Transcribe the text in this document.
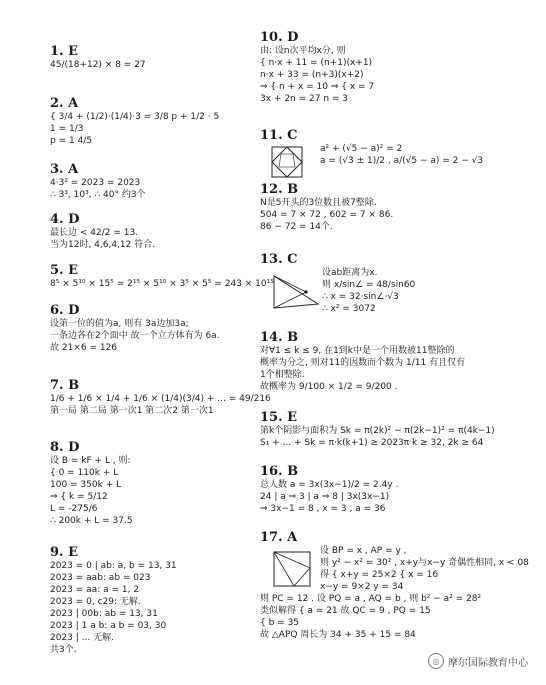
1. E
45/(18+12) × 8 = 27
2. A
{ 3/4 + (1/2)·(1/4)·3 = 3/8 p + 1/2 · 5
1 = 1/3
p = 1 4/5
3. A
4·3² = 2023 = 2023
∴ 3³, 10³, ∴ 40° 约3个
4. D
最长边 < 42/2 = 13.
当为12时, 4,6,4,12 符合.
5. E
8⁵ × 5¹⁰ × 15⁵ = 2¹⁵ × 5¹⁰ × 3⁵ × 5⁵ = 243 × 10¹⁵
6. D
设第一位的值为a, 则有 3a边加3a;
一条边各在2个面中 故一个立方体有为 6a.
故 21×6 = 126
7. B
1/6 + 1/6 × 1/4 + 1/6 × (1/4)(3/4) + ... = 49/216
第一局 第二局 第一次1 第二次2 第一次1
8. D
设 B = kF + L , 则:
{ 0 = 110k + L
100 = 350k + L
⇒ { k = 5/12
L = -275/6
∴ 200k + L = 37.5
9. E
2023 = 0 | ab: a, b = 13, 31
2023 = aab: ab = 023
2023 = aa: a = 1, 2
2023 = 0, c29: 无解.
2023 | 00b: ab = 13, 31
2023 | 1 a b: a b = 03, 30
2023 | ... 无解.
共3个.
10. D
由: 设n次平均x分, 则
{ n·x + 11 = (n+1)(x+1)
n·x + 33 = (n+3)(x+2)
⇒ { n + x = 10 ⇒ { x = 7
3x + 2n = 27 n = 3
11. C
a² + (√5 − a)² = 2
a = (√3 ± 1)/2 , a/(√5 − a) = 2 − √3
12. B
N是5开头的3位数且被7整除.
504 = 7 × 72 , 602 = 7 × 86.
86 − 72 = 14个.
13. C
设ab距离为x.
则 x/sin∠ = 48/sin60
∴ x = 32·sin∠·√3
∴ x² = 3072
14. B
对∀1 ≤ k ≤ 9, 在1到k中是一个用数被11整除的
概率为分之, 则对11的因数而个数为 1/11 有且仅有
1个相整除.
故概率为 9/100 × 1/2 = 9/200 .
15. E
第k个阴影与面积为 Sk = π(2k)² − π(2k−1)² = π(4k−1)
S₁ + ... + Sk = π·k(k+1) ≥ 2023π k ≥ 32, 2k ≥ 64
16. B
总人数 a = 3x(3x−1)/2 = 2.4y .
24 | a ⇒ 3 | a ⇒ 8 | 3x(3x−1)
⇒ 3x−1 = 8 , x = 3 , a = 36
17. A
设 BP = x , AP = y ,
则 y² − x² = 30² , x+y与x−y 奇偶性相同, x < 08
得 { x+y = 25×2 { x = 16
x−y = 9×2 y = 34
则 PC = 12 . 设 PQ = a , AQ = b , 则 b² − a² = 28²
类似解得 { a = 21 故 QC = 9 , PQ = 15
{ b = 35
故 △APQ 周长为 34 + 35 + 15 = 84
◎ 摩尔国际教育中心
